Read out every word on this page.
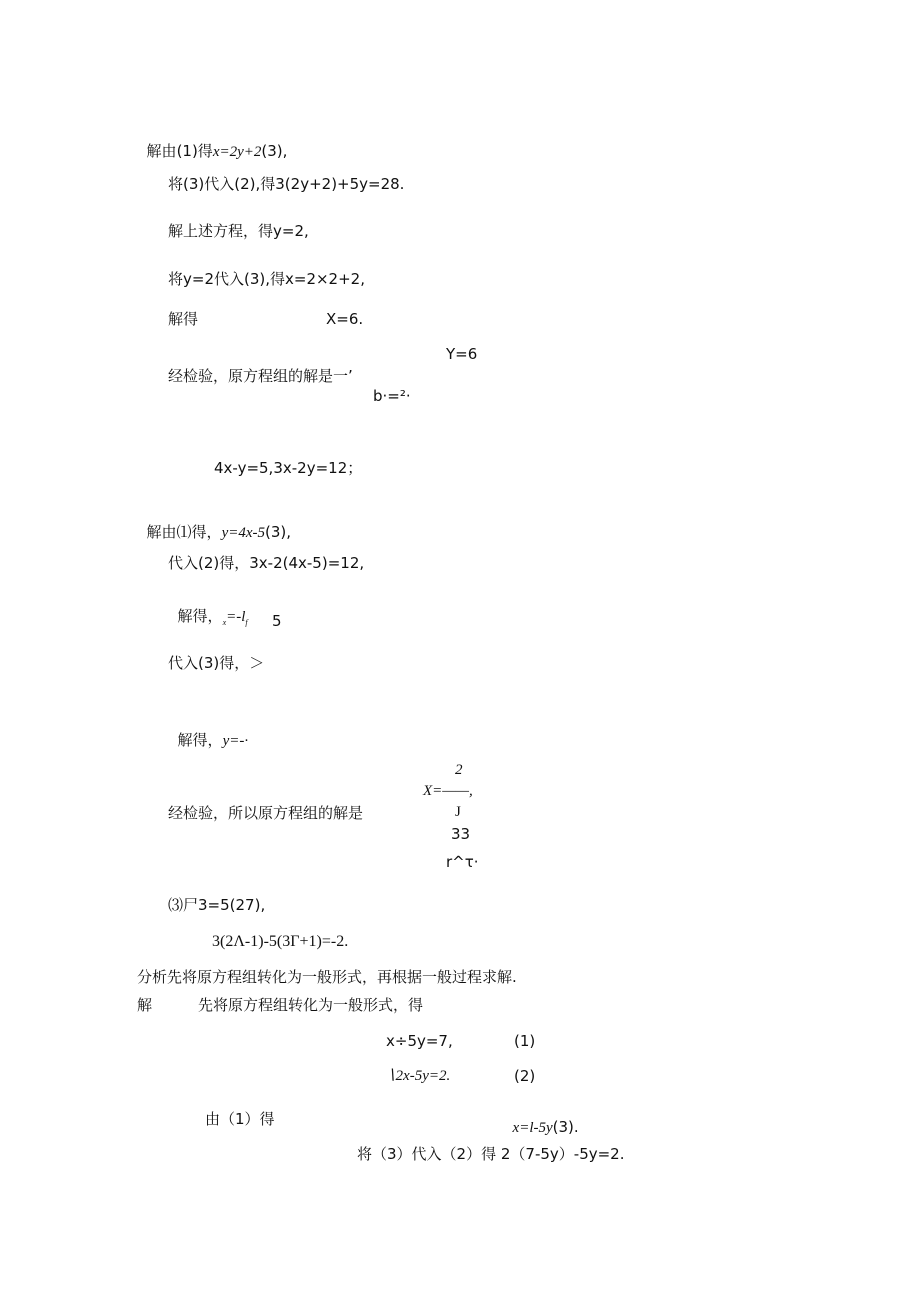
解由(1)得x=2y+2(3),

将(3)代入(2),得3(2y+2)+5y=28.
解上述方程，得y=2,
将y=2代入(3),得x=2×2+2,
解得	X=6.
Y=6
经检验，原方程组的解是一’
b·=²·
4x-y=5,3x-2y=12；

解由⑴得，y=4x-5(3),

代入(2)得，3x-2(4x-5)=12,

解得，$_x=-l_f$ 5
代入(3)得，＞

解得，y=-·

2
X=——,
经检验，所以原方程组的解是	J
33
r^τ·
⑶尸3=5(27),
3(2Λ-1)-5(3Γ+1)=-2.
分析先将原方程组转化为一般形式，再根据一般过程求解.
解	先将原方程组转化为一般形式，得
x÷5y=7,	(1)
∖2x-5y=2.	(2)
由（1）得	x=l-5y(3).

将（3）代入（2）得 2（7-5y）-5y=2.
